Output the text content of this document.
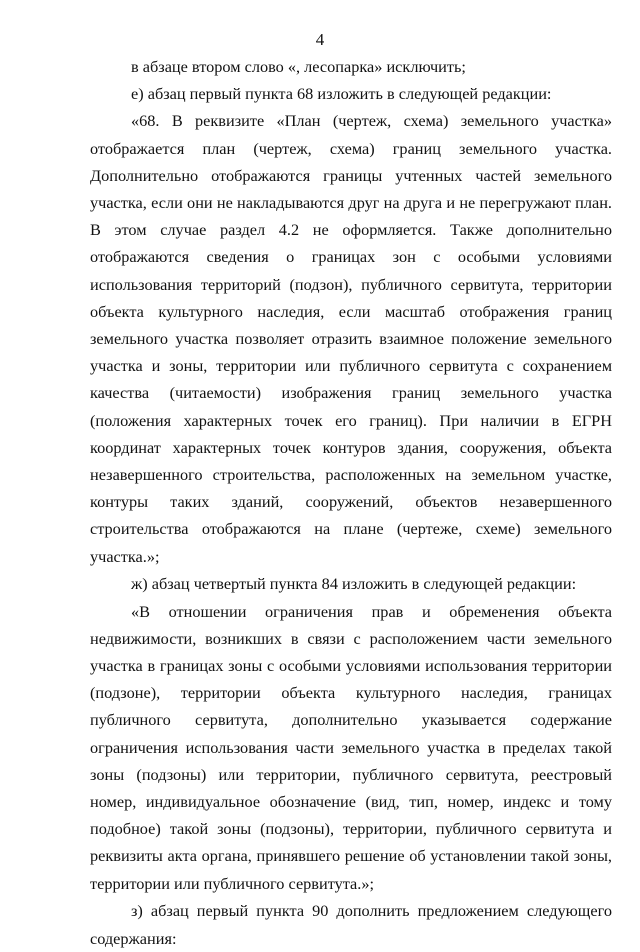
4

в абзаце втором слово «, лесопарка» исключить;

е) абзац первый пункта 68 изложить в следующей редакции:

«68. В реквизите «План (чертеж, схема) земельного участка» отображается план (чертеж, схема) границ земельного участка. Дополнительно отображаются границы учтенных частей земельного участка, если они не накладываются друг на друга и не перегружают план. В этом случае раздел 4.2 не оформляется. Также дополнительно отображаются сведения о границах зон с особыми условиями использования территорий (подзон), публичного сервитута, территории объекта культурного наследия, если масштаб отображения границ земельного участка позволяет отразить взаимное положение земельного участка и зоны, территории или публичного сервитута с сохранением качества (читаемости) изображения границ земельного участка (положения характерных точек его границ). При наличии в ЕГРН координат характерных точек контуров здания, сооружения, объекта незавершенного строительства, расположенных на земельном участке, контуры таких зданий, сооружений, объектов незавершенного строительства отображаются на плане (чертеже, схеме) земельного участка.»;

ж) абзац четвертый пункта 84 изложить в следующей редакции:

«В отношении ограничения прав и обременения объекта недвижимости, возникших в связи с расположением части земельного участка в границах зоны с особыми условиями использования территории (подзоне), территории объекта культурного наследия, границах публичного сервитута, дополнительно указывается содержание ограничения использования части земельного участка в пределах такой зоны (подзоны) или территории, публичного сервитута, реестровый номер, индивидуальное обозначение (вид, тип, номер, индекс и тому подобное) такой зоны (подзоны), территории, публичного сервитута и реквизиты акта органа, принявшего решение об установлении такой зоны, территории или публичного сервитута.»;

з) абзац первый пункта 90 дополнить предложением следующего содержания:
